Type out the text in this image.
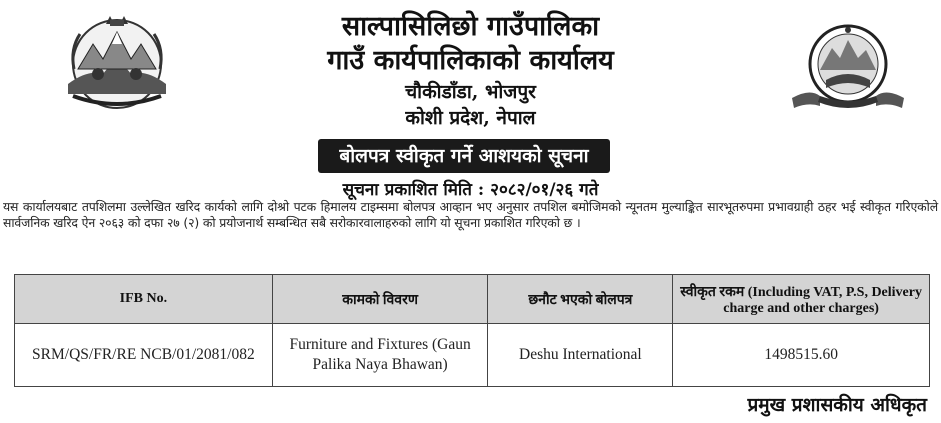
साल्पासिलिछो गाउँपालिका
गाउँ कार्यपालिकाको कार्यालय
चौकीडाँडा, भोजपुर
कोशी प्रदेश, नेपाल
बोलपत्र स्वीकृत गर्ने आशयको सूचना
सूचना प्रकाशित मिति : २०८२/०१/२६ गते
यस कार्यालयबाट तपशिलमा उल्लेखित खरिद कार्यको लागि दोश्रो पटक हिमालय टाइम्समा बोलपत्र आव्हान भए अनुसार तपशिल बमोजिमको न्यूनतम मुल्याङ्कित सारभूतरुपमा प्रभावग्राही ठहर भई स्वीकृत गरिएकोले सार्वजनिक खरिद ऐन २०६३ को दफा २७ (२) को प्रयोजनार्थ सम्बन्धित सबै सरोकारवालाहरुको लागि यो सूचना प्रकाशित गरिएको छ ।
IFB No.	कामको विवरण	छनौट भएको बोलपत्र	स्वीकृत रकम (Including VAT, P.S, Delivery charge and other charges)
SRM/QS/FR/RE NCB/01/2081/082	Furniture and Fixtures (Gaun Palika Naya Bhawan)	Deshu International	1498515.60
प्रमुख प्रशासकीय अधिकृत
